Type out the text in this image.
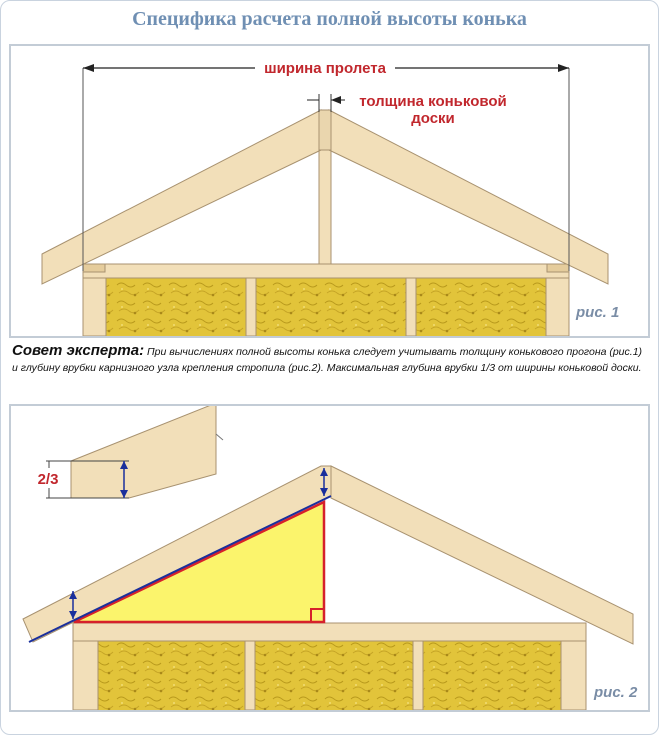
Специфика расчета полной высоты конька
ширина пролета
толщина коньковой
доски
рис. 1
Совет эксперта: При вычислениях полной высоты конька следует учитывать толщину конькового прогона (рис.1) и глубину врубки карнизного узла крепления стропила (рис.2). Максимальная глубина врубки 1/3 от ширины коньковой доски.
2/3
рис. 2
